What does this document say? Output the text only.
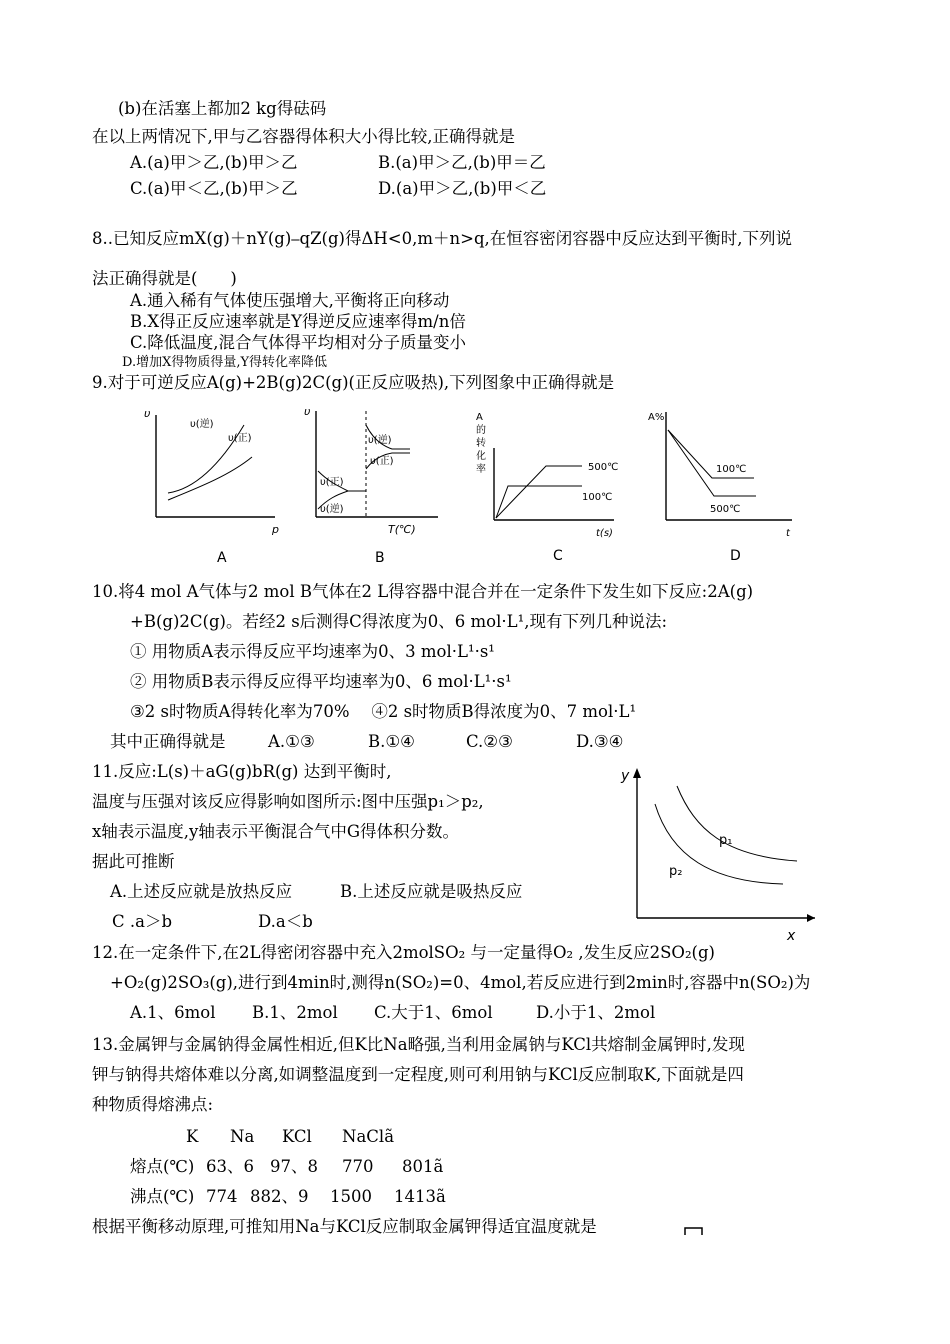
(b)在活塞上都加2 kg得砝码
在以上两情况下,甲与乙容器得体积大小得比较,正确得就是
A.(a)甲＞乙,(b)甲＞乙	B.(a)甲＞乙,(b)甲＝乙
C.(a)甲＜乙,(b)甲＞乙	D.(a)甲＞乙,(b)甲＜乙
8..已知反应mX(g)＋nY(g)⎯qZ(g)得ΔH<0,m＋n>q,在恒容密闭容器中反应达到平衡时,下列说
法正确得就是(　　)
A.通入稀有气体使压强增大,平衡将正向移动
B.X得正反应速率就是Y得逆反应速率得m/n倍
C.降低温度,混合气体得平均相对分子质量变小
D.增加X得物质得量,Y得转化率降低
9.对于可逆反应A(g)+2B(g)2C(g)(正反应吸热),下列图象中正确得就是
υ
p
υ(逆)
υ(正)
A
υ
T(℃)
υ(逆)
υ(正)
υ(正)
υ(逆)
B
A
的
转
化
率	500℃
100℃
t(s)
C
A%
100℃
500℃
t
D
10.将4 mol A气体与2 mol B气体在2 L得容器中混合并在一定条件下发生如下反应:2A(g)
+B(g)2C(g)。若经2 s后测得C得浓度为0、6 mol·L¹,现有下列几种说法:
① 用物质A表示得反应平均速率为0、3 mol·L¹·s¹
② 用物质B表示得反应得平均速率为0、6 mol·L¹·s¹
③2 s时物质A得转化率为70%　 ④2 s时物质B得浓度为0、7 mol·L¹
其中正确得就是	A.①③	B.①④	C.②③	D.③④
11.反应:L(s)＋aG(g)bR(g) 达到平衡时,
温度与压强对该反应得影响如图所示:图中压强p₁＞p₂,
x轴表示温度,y轴表示平衡混合气中G得体积分数。
据此可推断
A.上述反应就是放热反应	B.上述反应就是吸热反应
C .a＞b	D.a＜b
y
x
p₁
p₂
12.在一定条件下,在2L得密闭容器中充入2molSO₂ 与一定量得O₂ ,发生反应2SO₂(g)
+O₂(g)2SO₃(g),进行到4min时,测得n(SO₂)=0、4mol,若反应进行到2min时,容器中n(SO₂)为
A.1、6mol B.1、2mol C.大于1、6mol	D.小于1、2mol
13.金属钾与金属钠得金属性相近,但K比Na略强,当利用金属钠与KCl共熔制金属钾时,发现
钾与钠得共熔体难以分离,如调整温度到一定程度,则可利用钠与KCl反应制取K,下面就是四
种物质得熔沸点:
K Na KCl NaClã
熔点(℃) 63、6 97、8 770 801ã
沸点(℃) 774 882、9 1500 1413ã
根据平衡移动原理,可推知用Na与KCl反应制取金属钾得适宜温度就是
